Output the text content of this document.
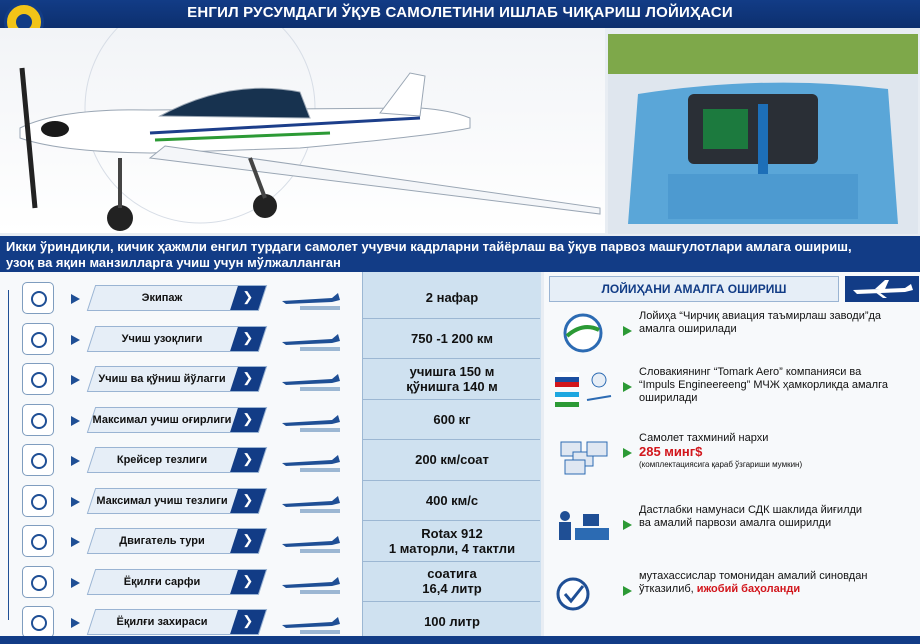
ЕНГИЛ РУСУМДАГИ ЎҚУВ САМОЛЕТИНИ ИШЛАБ ЧИҚАРИШ ЛОЙИҲАСИ
Икки ўриндиқли, кичик ҳажмли енгил турдаги самолет учувчи кадрларни тайёрлаш ва ўқув парвоз машғулотлари амлага ошириш,
узоқ ва яқин манзилларга учиш учун мўлжалланган
Экипаж ❯	2 нафар
Учиш узоқлиги ❯	750 -1 200 км
Учиш ва қўниш йўлагги ❯	учишга 150 м
қўнишга 140 м
Максимал учиш оғирлиги ❯	600 кг
Крейсер тезлиги ❯	200 км/соат
Максимал учиш тезлиги ❯	400 км/с
Двигатель тури ❯	Rotax 912
1 маторли, 4 тактли
Ёқилғи сарфи ❯	соатига
16,4 литр
Ёқилғи захираси ❯	100 литр
ЛОЙИҲАНИ АМАЛГА ОШИРИШ
Лойиҳа “Чирчиқ авиация таъмирлаш заводи”да
амалга оширилади
Словакиянинг “Tomark Aero” компанияси ва
“Impuls Engineereeng” МЧЖ ҳамкорликда амалга
оширилади
Самолет тахминий нархи
285 минг$
(комплектациясига қараб ўзгариши мумкин)
Дастлабки намунаси СДК шаклида йиғилди
ва амалий парвози амалга оширилди
мутахассислар томонидан амалий синовдан
ўтказилиб, ижобий баҳоланди
